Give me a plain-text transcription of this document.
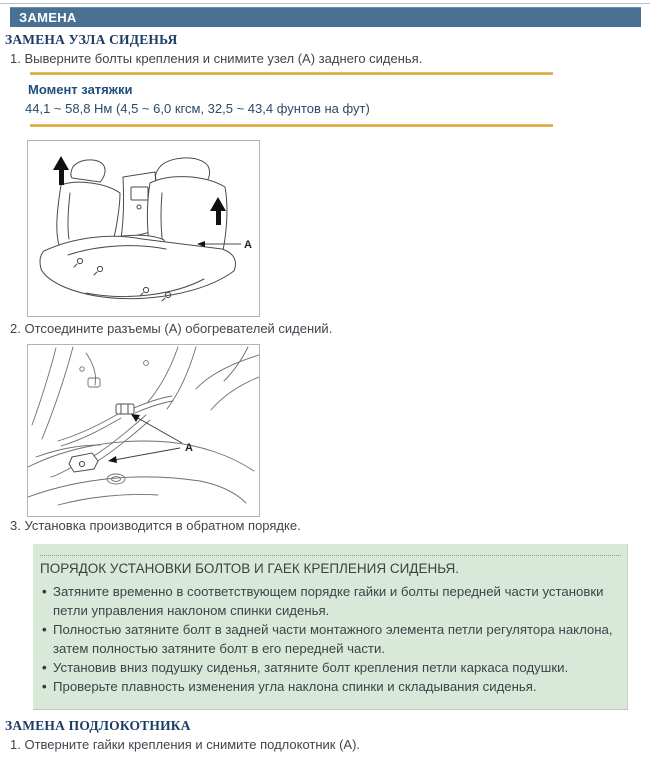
ЗАМЕНА
ЗАМЕНА УЗЛА СИДЕНЬЯ
1. Выверните болты крепления и снимите узел (A) заднего сиденья.
Момент затяжки
44,1 ~ 58,8 Нм (4,5 ~ 6,0 кгсм, 32,5 ~ 43,4 фунтов на фут)
A
2. Отсоедините разъемы (A) обогревателей сидений.
A
3. Установка производится в обратном порядке.
ПОРЯДОК УСТАНОВКИ БОЛТОВ И ГАЕК КРЕПЛЕНИЯ СИДЕНЬЯ.
• Затяните временно в соответствующем порядке гайки и болты передней части установки петли управления наклоном спинки сиденья.
• Полностью затяните болт в задней части монтажного элемента петли регулятора наклона, затем полностью затяните болт в его передней части.
• Установив вниз подушку сиденья, затяните болт крепления петли каркаса подушки.
• Проверьте плавность изменения угла наклона спинки и складывания сиденья.
ЗАМЕНА ПОДЛОКОТНИКА
1. Отверните гайки крепления и снимите подлокотник (A).
